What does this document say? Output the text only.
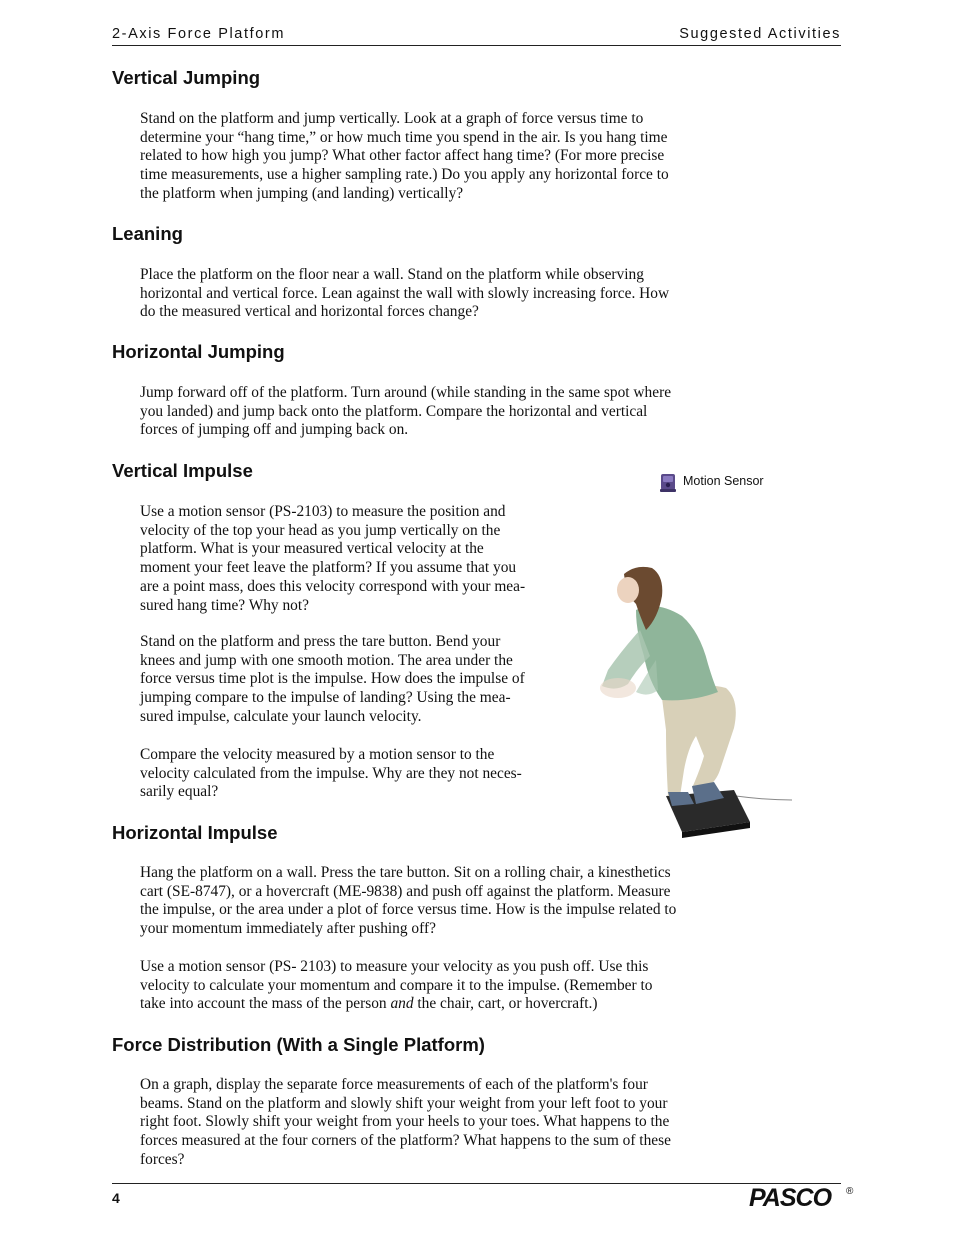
2-Axis Force Platform	Suggested Activities
Vertical Jumping

Stand on the platform and jump vertically. Look at a graph of force versus time to determine your “hang time,” or how much time you spend in the air. Is you hang time related to how high you jump? What other factor affect hang time? (For more precise time measurements, use a higher sampling rate.) Do you apply any horizontal force to the platform when jumping (and landing) vertically?

Leaning

Place the platform on the floor near a wall. Stand on the platform while observing horizontal and vertical force. Lean against the wall with slowly increasing force. How do the measured vertical and horizontal forces change?

Horizontal Jumping

Jump forward off of the platform. Turn around (while standing in the same spot where you landed) and jump back onto the platform. Compare the horizontal and vertical forces of jumping off and jumping back on.

Vertical Impulse

Use a motion sensor (PS-2103) to measure the position and velocity of the top your head as you jump vertically on the platform. What is your measured vertical velocity at the moment your feet leave the platform? If you assume that you are a point mass, does this velocity correspond with your mea- sured hang time? Why not?

Stand on the platform and press the tare button. Bend your knees and jump with one smooth motion. The area under the force versus time plot is the impulse. How does the impulse of jumping compare to the impulse of landing? Using the mea- sured impulse, calculate your launch velocity.

Compare the velocity measured by a motion sensor to the velocity calculated from the impulse. Why are they not neces- sarily equal?

Motion Sensor
Horizontal Impulse

Hang the platform on a wall. Press the tare button. Sit on a rolling chair, a kinesthetics cart (SE-8747), or a hovercraft (ME-9838) and push off against the platform. Measure the impulse, or the area under a plot of force versus time. How is the impulse related to your momentum immediately after pushing off?

Use a motion sensor (PS- 2103) to measure your velocity as you push off. Use this velocity to calculate your momentum and compare it to the impulse. (Remember to take into account the mass of the person and the chair, cart, or hovercraft.)

Force Distribution (With a Single Platform)

On a graph, display the separate force measurements of each of the platform's four beams. Stand on the platform and slowly shift your weight from your left foot to your right foot. Slowly shift your weight from your heels to your toes. What happens to the forces measured at the four corners of the platform? What happens to the sum of these forces?

4	PASCO ®
